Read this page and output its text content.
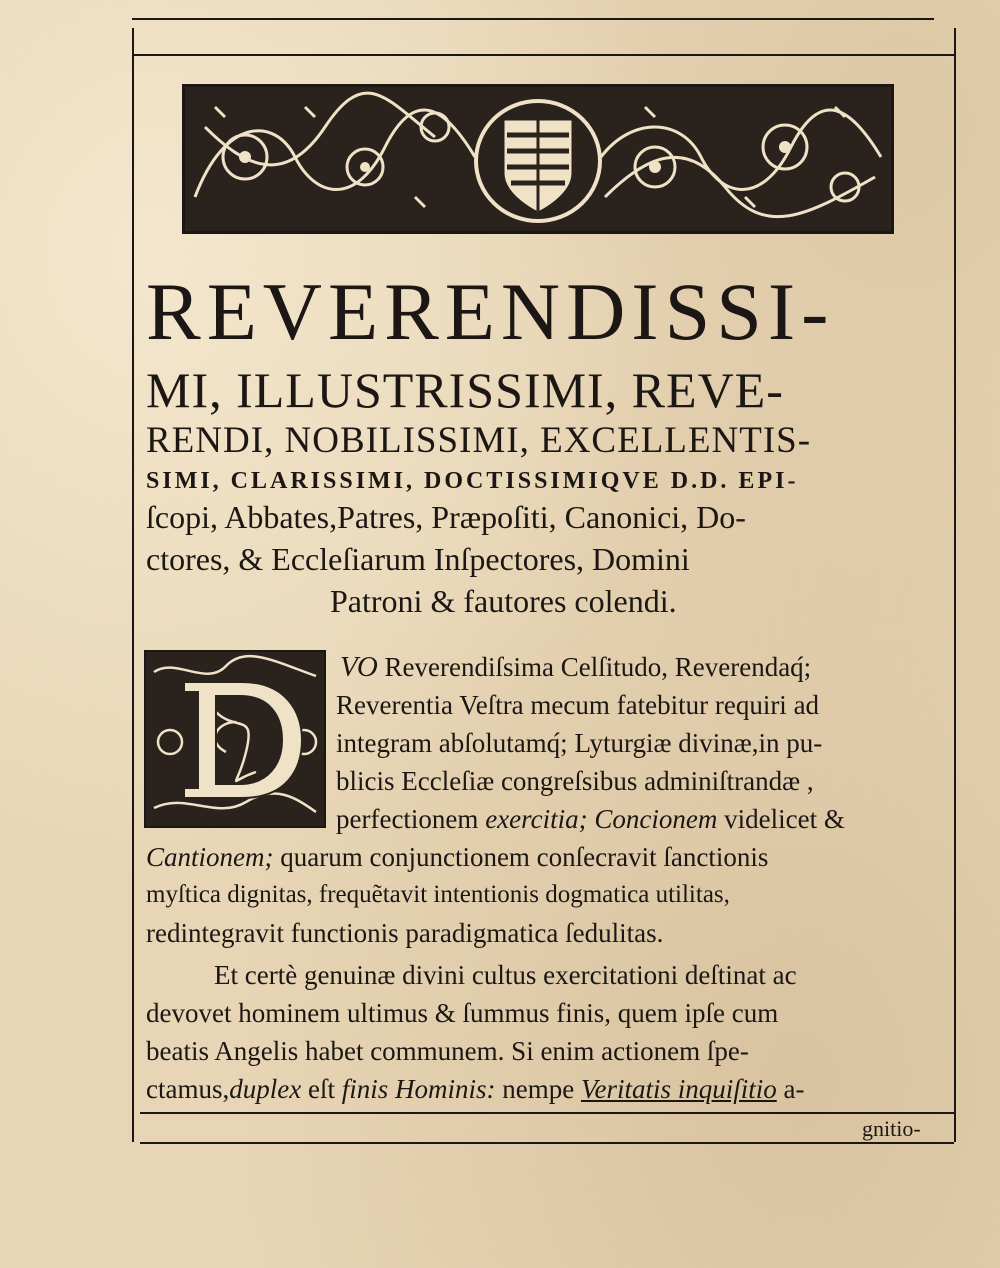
REVERENDISSI-
MI, ILLUSTRISSIMI, REVE-
RENDI, NOBILISSIMI, EXCELLENTIS-
SIMI, CLARISSIMI, DOCTISSIMIQVE D.D. EPI-
ſcopi, Abbates,Patres, Præpoſiti, Canonici, Do-
ctores, & Eccleſiarum Inſpectores, Domini
Patroni & fautores colendi.
VO Reverendiſsima Celſitudo, Reverendaq́;
Reverentia Veſtra mecum fatebitur requiri ad
integram abſolutamq́; Lyturgiæ divinæ,in pu-
blicis Eccleſiæ congreſsibus adminiſtrandæ ,
perfectionem exercitia; Concionem videlicet &
Cantionem; quarum conjunctionem conſecravit ſanctionis
myſtica dignitas, frequẽtavit intentionis dogmatica utilitas,
redintegravit functionis paradigmatica ſedulitas.
Et certè genuinæ divini cultus exercitationi deſtinat ac
devovet hominem ultimus & ſummus finis, quem ipſe cum
beatis Angelis habet communem. Si enim actionem ſpe-
ctamus,duplex eſt finis Hominis: nempe Veritatis inquiſitio a-
gnitio-
